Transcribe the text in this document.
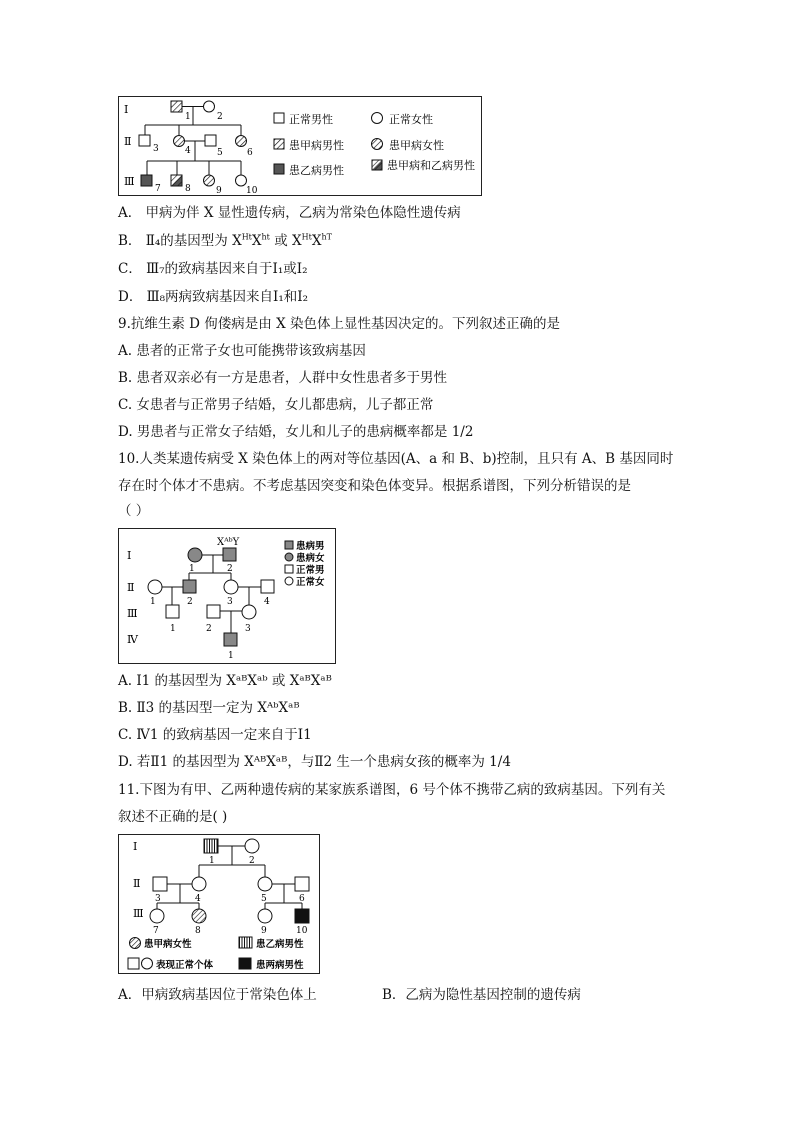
Ⅰ
Ⅱ
Ⅲ
1	2
3	4	5	6
7	8	9	10
正常男性	正常女性
患甲病男性	患甲病女性
患乙病男性	患甲病和乙病男性
A． 甲病为伴 X 显性遗传病，乙病为常染色体隐性遗传病
B． Ⅱ₄的基因型为 $X^{Ht}X^{ht}$ 或 $X^{Ht}X^{hT}$
C． Ⅲ₇的致病基因来自于Ⅰ₁或Ⅰ₂
D． Ⅲ₈两病致病基因来自Ⅰ₁和Ⅰ₂
9.抗维生素 D 佝偻病是由 X 染色体上显性基因决定的。下列叙述正确的是
A. 患者的正常子女也可能携带该致病基因
B. 患者双亲必有一方是患者，人群中女性患者多于男性
C. 女患者与正常男子结婚，女儿都患病，儿子都正常
D. 男患者与正常女子结婚，女儿和儿子的患病概率都是 1/2
10.人类某遗传病受 X 染色体上的两对等位基因(A、a 和 B、b)控制，且只有 A、B 基因同时
存在时个体才不患病。不考虑基因突变和染色体变异。根据系谱图，下列分析错误的是
（ ）
Ⅰ
Ⅱ
Ⅲ
Ⅳ
XᴬᵇY
1	2
1	2	3	4
1	2	3
1
患病男
患病女
正常男
正常女
A. Ⅰ1 的基因型为 XᵃᴮXᵃᵇ 或 XᵃᴮXᵃᴮ
B. Ⅱ3 的基因型一定为 XᴬᵇXᵃᴮ
C. Ⅳ1 的致病基因一定来自于Ⅰ1
D. 若Ⅱ1 的基因型为 XᴬᴮXᵃᴮ，与Ⅱ2 生一个患病女孩的概率为 1/4
11.下图为有甲、乙两种遗传病的某家族系谱图，6 号个体不携带乙病的致病基因。下列有关
叙述不正确的是( )
Ⅰ
Ⅱ
Ⅲ
1	2
3	4	5	6
7	8	9	10
患甲病女性	患乙病男性
表现正常个体	患两病男性
A．甲病致病基因位于常染色体上	B．乙病为隐性基因控制的遗传病
